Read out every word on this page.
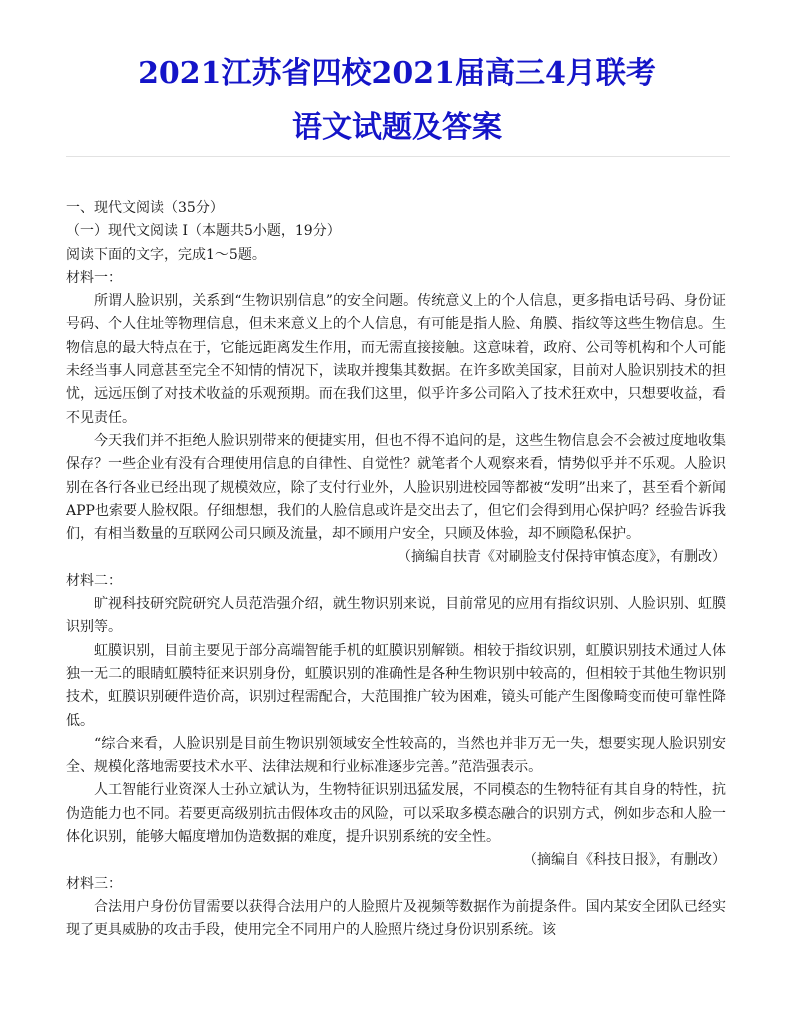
2021江苏省四校2021届高三4月联考
语文试题及答案

一、现代文阅读（35分）

（一）现代文阅读 I（本题共5小题，19分）

阅读下面的文字，完成1～5题。

材料一：

所谓人脸识别，关系到“生物识别信息”的安全问题。传统意义上的个人信息，更多指电话号码、身份证号码、个人住址等物理信息，但未来意义上的个人信息，有可能是指人脸、角膜、指纹等这些生物信息。生物信息的最大特点在于，它能远距离发生作用，而无需直接接触。这意味着，政府、公司等机构和个人可能未经当事人同意甚至完全不知情的情况下，读取并搜集其数据。在许多欧美国家，目前对人脸识别技术的担忧，远远压倒了对技术收益的乐观预期。而在我们这里，似乎许多公司陷入了技术狂欢中，只想要收益，看不见责任。

今天我们并不拒绝人脸识别带来的便捷实用，但也不得不追问的是，这些生物信息会不会被过度地收集保存？一些企业有没有合理使用信息的自律性、自觉性？就笔者个人观察来看，情势似乎并不乐观。人脸识别在各行各业已经出现了规模效应，除了支付行业外，人脸识别进校园等都被“发明”出来了，甚至看个新闻APP也索要人脸权限。仔细想想，我们的人脸信息或许是交出去了，但它们会得到用心保护吗？经验告诉我们，有相当数量的互联网公司只顾及流量，却不顾用户安全，只顾及体验，却不顾隐私保护。

（摘编自扶青《对刷脸支付保持审慎态度》，有删改）

材料二：

旷视科技研究院研究人员范浩强介绍，就生物识别来说，目前常见的应用有指纹识别、人脸识别、虹膜识别等。

虹膜识别，目前主要见于部分高端智能手机的虹膜识别解锁。相较于指纹识别，虹膜识别技术通过人体独一无二的眼睛虹膜特征来识别身份，虹膜识别的准确性是各种生物识别中较高的，但相较于其他生物识别技术，虹膜识别硬件造价高，识别过程需配合，大范围推广较为困难，镜头可能产生图像畸变而使可靠性降低。

“综合来看，人脸识别是目前生物识别领域安全性较高的，当然也并非万无一失，想要实现人脸识别安全、规模化落地需要技术水平、法律法规和行业标准逐步完善。”范浩强表示。

人工智能行业资深人士孙立斌认为，生物特征识别迅猛发展，不同模态的生物特征有其自身的特性，抗伪造能力也不同。若要更高级别抗击假体攻击的风险，可以采取多模态融合的识别方式，例如步态和人脸一体化识别，能够大幅度增加伪造数据的难度，提升识别系统的安全性。

（摘编自《科技日报》，有删改）

材料三：

合法用户身份仿冒需要以获得合法用户的人脸照片及视频等数据作为前提条件。国内某安全团队已经实现了更具威胁的攻击手段，使用完全不同用户的人脸照片绕过身份识别系统。该
